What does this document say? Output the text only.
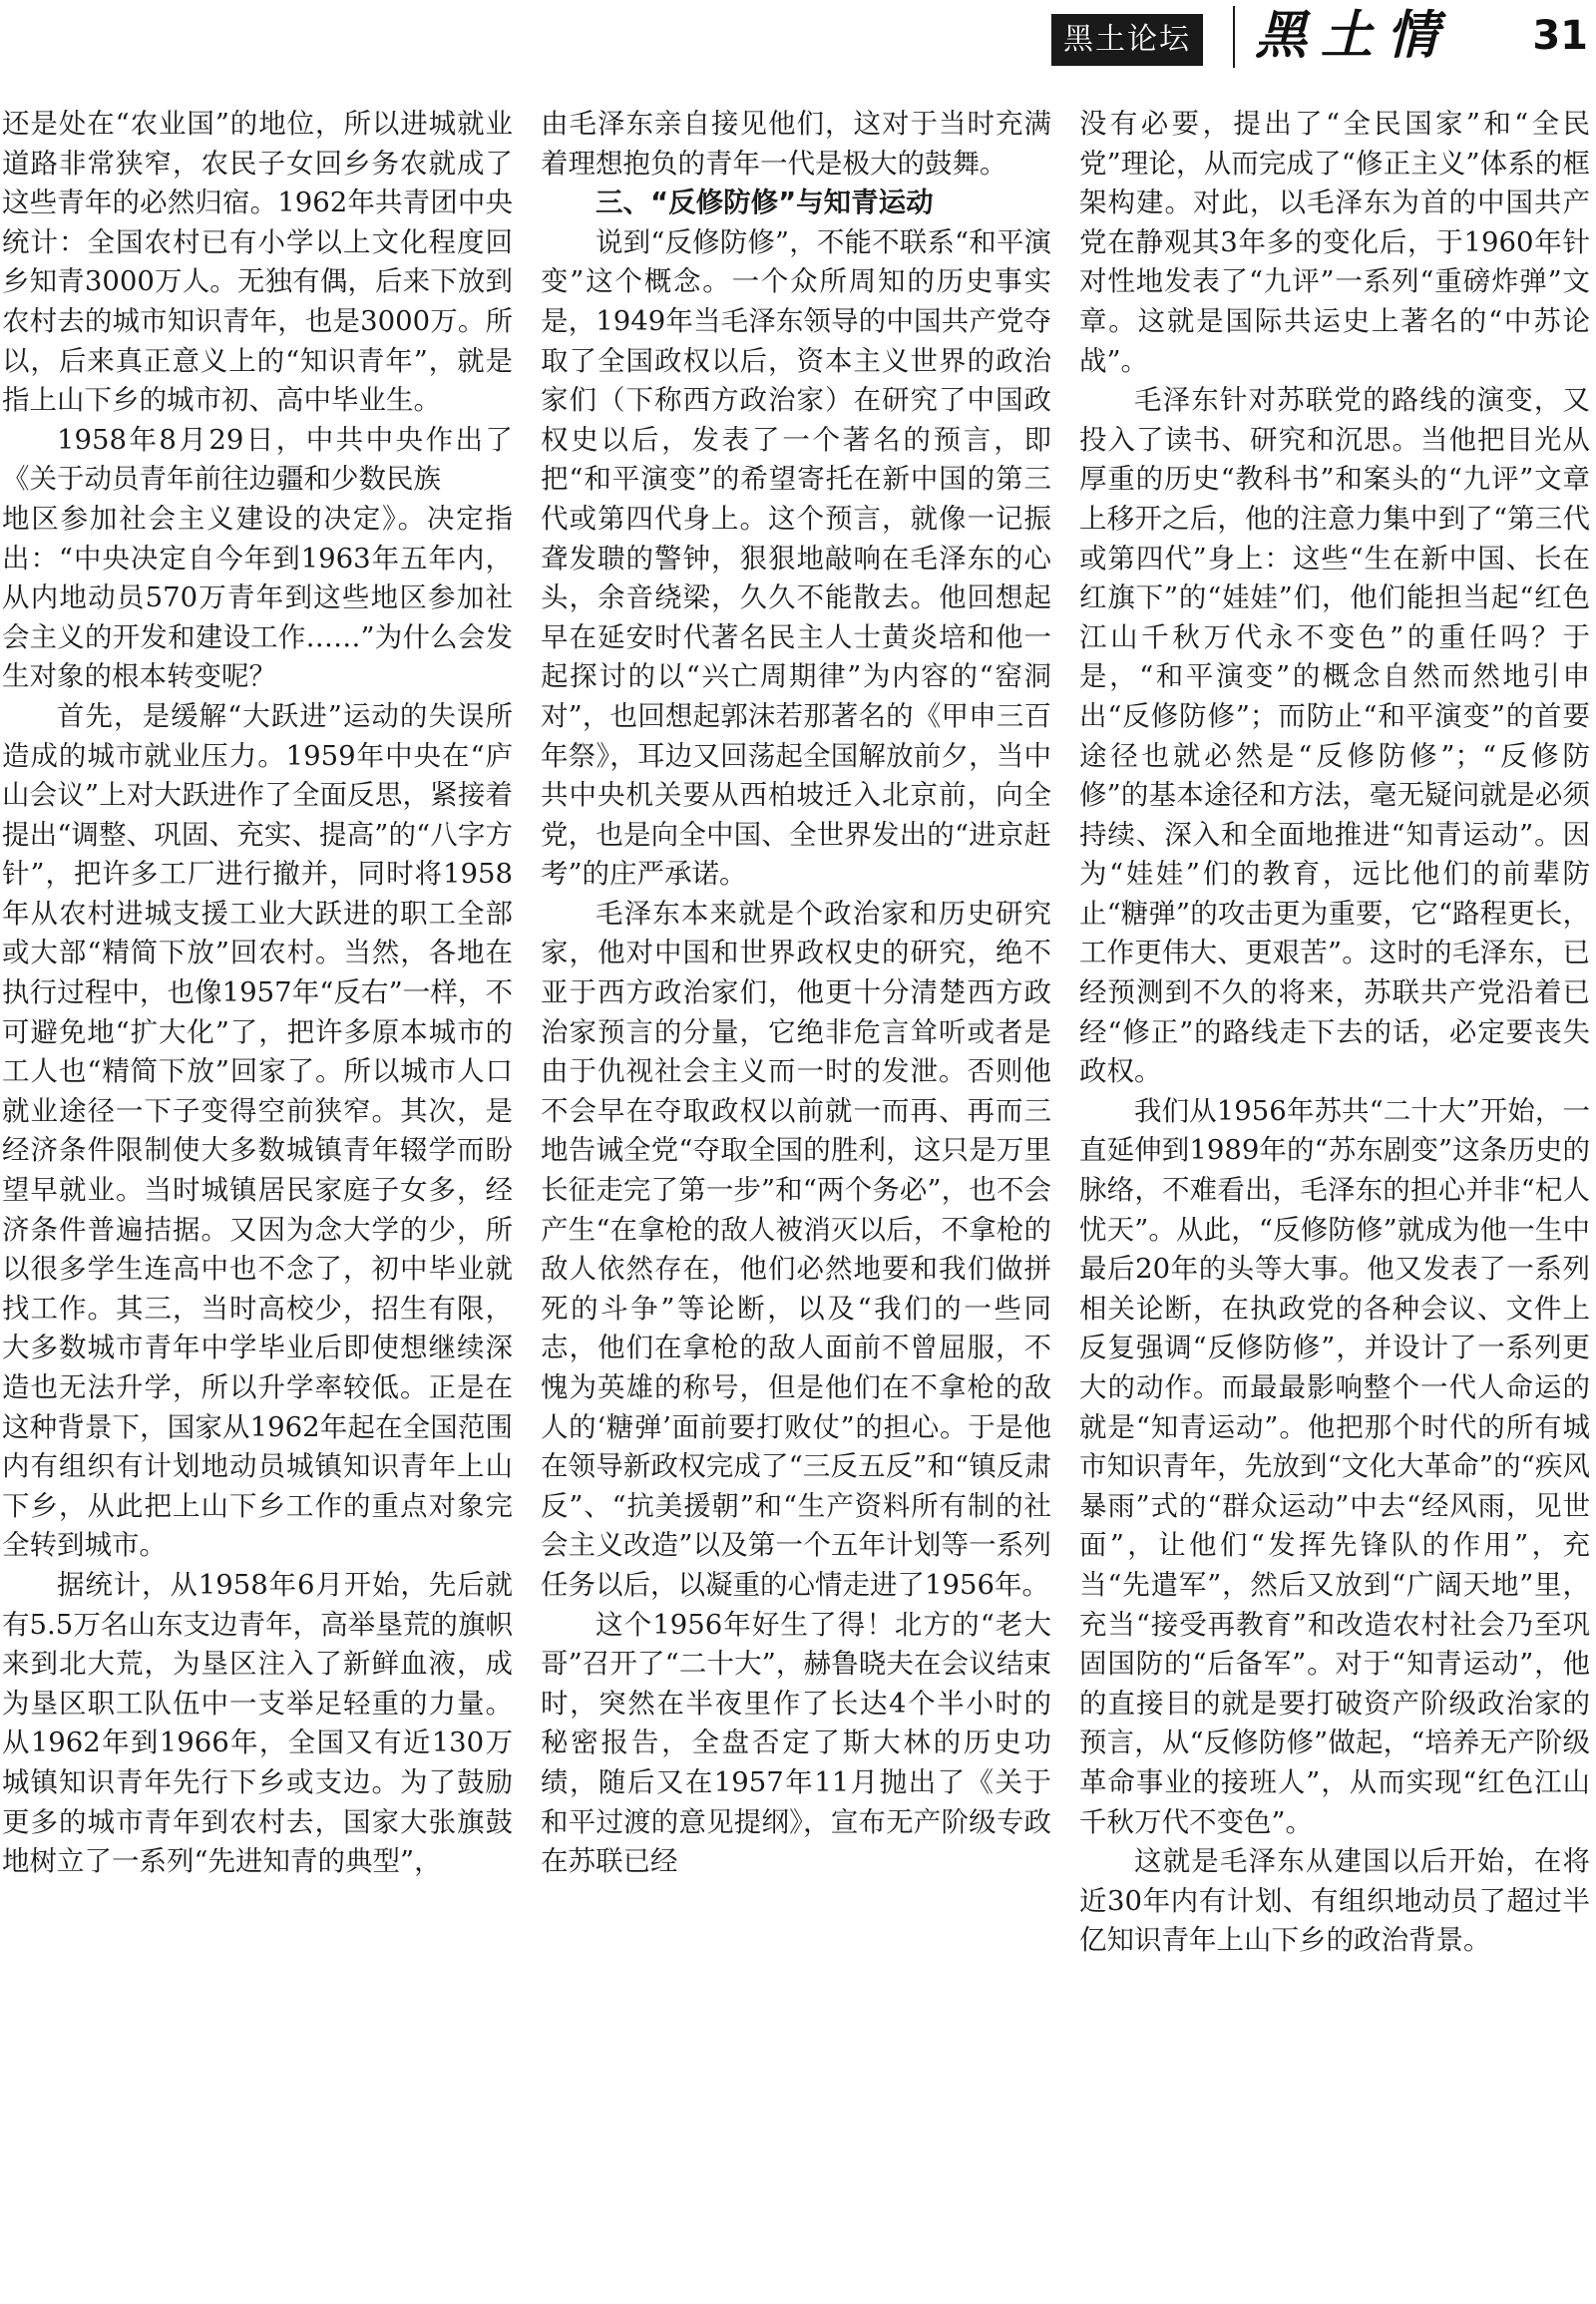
黑土论坛 黑土情 31

还是处在“农业国”的地位，所以进城就业道路非常狭窄，农民子女回乡务农就成了这些青年的必然归宿。1962年共青团中央统计：全国农村已有小学以上文化程度回乡知青3000万人。无独有偶，后来下放到农村去的城市知识青年，也是3000万。所以，后来真正意义上的“知识青年”，就是指上山下乡的城市初、高中毕业生。

1958年8月29日，中共中央作出了《关于动员青年前往边疆和少数民族

地区参加社会主义建设的决定》。决定指出：“中央决定自今年到1963年五年内，从内地动员570万青年到这些地区参加社会主义的开发和建设工作……”为什么会发生对象的根本转变呢？

首先，是缓解“大跃进”运动的失误所造成的城市就业压力。1959年中央在“庐山会议”上对大跃进作了全面反思，紧接着提出“调整、巩固、充实、提高”的“八字方针”，把许多工厂进行撤并，同时将1958年从农村进城支援工业大跃进的职工全部或大部“精简下放”回农村。当然，各地在执行过程中，也像1957年“反右”一样，不可避免地“扩大化”了，把许多原本城市的工人也“精简下放”回家了。所以城市人口就业途径一下子变得空前狭窄。其次，是经济条件限制使大多数城镇青年辍学而盼望早就业。当时城镇居民家庭子女多，经济条件普遍拮据。又因为念大学的少，所以很多学生连高中也不念了，初中毕业就找工作。其三，当时高校少，招生有限，大多数城市青年中学毕业后即使想继续深造也无法升学，所以升学率较低。正是在这种背景下，国家从1962年起在全国范围内有组织有计划地动员城镇知识青年上山下乡，从此把上山下乡工作的重点对象完全转到城市。

据统计，从1958年6月开始，先后就有5.5万名山东支边青年，高举垦荒的旗帜来到北大荒，为垦区注入了新鲜血液，成为垦区职工队伍中一支举足轻重的力量。从1962年到1966年，全国又有近130万城镇知识青年先行下乡或支边。为了鼓励更多的城市青年到农村去，国家大张旗鼓地树立了一系列“先进知青的典型”，

由毛泽东亲自接见他们，这对于当时充满着理想抱负的青年一代是极大的鼓舞。

三、“反修防修”与知青运动

说到“反修防修”，不能不联系“和平演变”这个概念。一个众所周知的历史事实是，1949年当毛泽东领导的中国共产党夺取了全国政权以后，资本主义世界的政治家们（下称西方政治家）在研究了中国政权史以后，发表了一个著名的预言，即把“和平演变”的希望寄托在新中国的第三代或第四代身上。这个预言，就像一记振聋发聩的警钟，狠狠地敲响在毛泽东的心头，余音绕梁，久久不能散去。他回想起早在延安时代著名民主人士黄炎培和他一起探讨的以“兴亡周期律”为内容的“窑洞对”，也回想起郭沫若那著名的《甲申三百年祭》，耳边又回荡起全国解放前夕，当中共中央机关要从西柏坡迁入北京前，向全党，也是向全中国、全世界发出的“进京赶考”的庄严承诺。

毛泽东本来就是个政治家和历史研究家，他对中国和世界政权史的研究，绝不亚于西方政治家们，他更十分清楚西方政治家预言的分量，它绝非危言耸听或者是由于仇视社会主义而一时的发泄。否则他不会早在夺取政权以前就一而再、再而三地告诫全党“夺取全国的胜利，这只是万里长征走完了第一步”和“两个务必”，也不会产生“在拿枪的敌人被消灭以后，不拿枪的敌人依然存在，他们必然地要和我们做拼死的斗争”等论断，以及“我们的一些同志，他们在拿枪的敌人面前不曾屈服，不愧为英雄的称号，但是他们在不拿枪的敌人的‘糖弹’面前要打败仗”的担心。于是他在领导新政权完成了“三反五反”和“镇反肃反”、“抗美援朝”和“生产资料所有制的社会主义改造”以及第一个五年计划等一系列任务以后，以凝重的心情走进了1956年。

这个1956年好生了得！北方的“老大哥”召开了“二十大”，赫鲁晓夫在会议结束时，突然在半夜里作了长达4个半小时的秘密报告，全盘否定了斯大林的历史功绩，随后又在1957年11月抛出了《关于和平过渡的意见提纲》，宣布无产阶级专政在苏联已经

没有必要，提出了“全民国家”和“全民党”理论，从而完成了“修正主义”体系的框架构建。对此，以毛泽东为首的中国共产党在静观其3年多的变化后，于1960年针对性地发表了“九评”一系列“重磅炸弹”文章。这就是国际共运史上著名的“中苏论战”。

毛泽东针对苏联党的路线的演变，又投入了读书、研究和沉思。当他把目光从厚重的历史“教科书”和案头的“九评”文章上移开之后，他的注意力集中到了“第三代或第四代”身上：这些“生在新中国、长在红旗下”的“娃娃”们，他们能担当起“红色江山千秋万代永不变色”的重任吗？于是，“和平演变”的概念自然而然地引申出“反修防修”；而防止“和平演变”的首要途径也就必然是“反修防修”；“反修防修”的基本途径和方法，毫无疑问就是必须持续、深入和全面地推进“知青运动”。因为“娃娃”们的教育，远比他们的前辈防止“糖弹”的攻击更为重要，它“路程更长，工作更伟大、更艰苦”。这时的毛泽东，已经预测到不久的将来，苏联共产党沿着已经“修正”的路线走下去的话，必定要丧失政权。

我们从1956年苏共“二十大”开始，一直延伸到1989年的“苏东剧变”这条历史的脉络，不难看出，毛泽东的担心并非“杞人忧天”。从此，“反修防修”就成为他一生中最后20年的头等大事。他又发表了一系列相关论断，在执政党的各种会议、文件上反复强调“反修防修”，并设计了一系列更大的动作。而最最影响整个一代人命运的就是“知青运动”。他把那个时代的所有城市知识青年，先放到“文化大革命”的“疾风暴雨”式的“群众运动”中去“经风雨，见世面”，让他们“发挥先锋队的作用”，充当“先遣军”，然后又放到“广阔天地”里，充当“接受再教育”和改造农村社会乃至巩固国防的“后备军”。对于“知青运动”，他的直接目的就是要打破资产阶级政治家的预言，从“反修防修”做起，“培养无产阶级革命事业的接班人”，从而实现“红色江山千秋万代不变色”。

这就是毛泽东从建国以后开始，在将近30年内有计划、有组织地动员了超过半亿知识青年上山下乡的政治背景。
